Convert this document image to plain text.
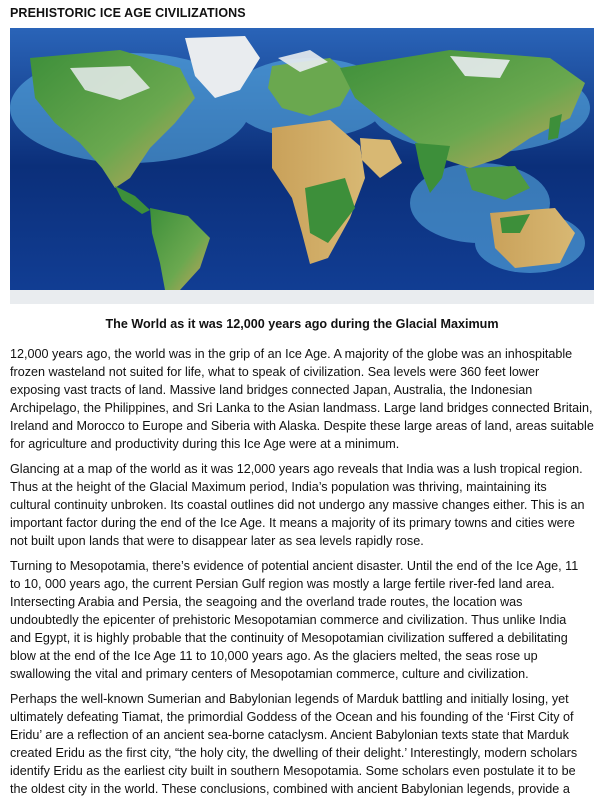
PREHISTORIC ICE AGE CIVILIZATIONS
The World as it was 12,000 years ago during the Glacial Maximum

12,000 years ago, the world was in the grip of an Ice Age. A majority of the globe was an inhospitable
frozen wasteland not suited for life, what to speak of civilization. Sea levels were 360 feet lower
exposing vast tracts of land. Massive land bridges connected Japan, Australia, the Indonesian
Archipelago, the Philippines, and Sri Lanka to the Asian landmass. Large land bridges connected Britain,
Ireland and Morocco to Europe and Siberia with Alaska. Despite these large areas of land, areas suitable
for agriculture and productivity during this Ice Age were at a minimum.

Glancing at a map of the world as it was 12,000 years ago reveals that India was a lush tropical region.
Thus at the height of the Glacial Maximum period, India’s population was thriving, maintaining its
cultural continuity unbroken. Its coastal outlines did not undergo any massive changes either. This is an
important factor during the end of the Ice Age. It means a majority of its primary towns and cities were
not built upon lands that were to disappear later as sea levels rapidly rose.

Turning to Mesopotamia, there’s evidence of potential ancient disaster. Until the end of the Ice Age, 11
to 10, 000 years ago, the current Persian Gulf region was mostly a large fertile river-fed land area.
Intersecting Arabia and Persia, the seagoing and the overland trade routes, the location was
undoubtedly the epicenter of prehistoric Mesopotamian commerce and civilization. Thus unlike India
and Egypt, it is highly probable that the continuity of Mesopotamian civilization suffered a debilitating
blow at the end of the Ice Age 11 to 10,000 years ago. As the glaciers melted, the seas rose up
swallowing the vital and primary centers of Mesopotamian commerce, culture and civilization.

Perhaps the well-known Sumerian and Babylonian legends of Marduk battling and initially losing, yet
ultimately defeating Tiamat, the primordial Goddess of the Ocean and his founding of the ‘First City of
Eridu’ are a reflection of an ancient sea-borne cataclysm. Ancient Babylonian texts state that Marduk
created Eridu as the first city, “the holy city, the dwelling of their delight.’ Interestingly, modern scholars
identify Eridu as the earliest city built in southern Mesopotamia. Some scholars even postulate it to be
the oldest city in the world. These conclusions, combined with ancient Babylonian legends, provide a
